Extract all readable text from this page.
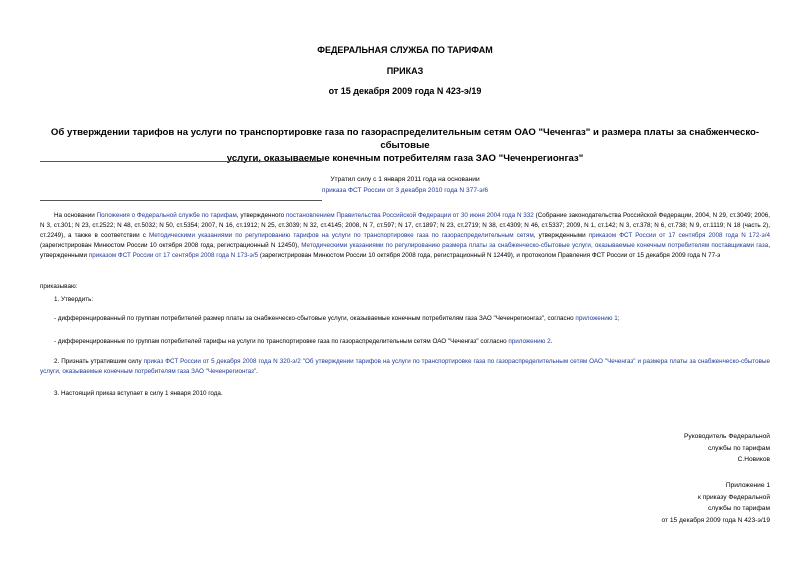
ФЕДЕРАЛЬНАЯ СЛУЖБА ПО ТАРИФАМ
ПРИКАЗ
от 15 декабря 2009 года N 423-э/19
Об утверждении тарифов на услуги по транспортировке газа по газораспределительным сетям ОАО "Чеченгаз" и размера платы за снабженческо-сбытовые
услуги, оказываемые конечным потребителям газа ЗАО "Чеченрегионгаз"
Утратил силу с 1 января 2011 года на основании
приказа ФСТ России от 3 декабря 2010 года N 377-э/6
На основании Положения о Федеральной службе по тарифам, утвержденного постановлением Правительства Российской Федерации от 30 июня 2004 года N 332 (Собрание законодательства Российской Федерации, 2004, N 29, ст.3049; 2006, N 3, ст.301; N 23, ст.2522; N 48, ст.5032; N 50, ст.5354; 2007, N 16, ст.1912; N 25, ст.3039; N 32, ст.4145; 2008, N 7, ст.597; N 17, ст.1897; N 23, ст.2719; N 38, ст.4309; N 46, ст.5337; 2009, N 1, ст.142; N 3, ст.378; N 6, ст.738; N 9, ст.1119; N 18 (часть 2), ст.2249), а также в соответствии с Методическими указаниями по регулированию тарифов на услуги по транспортировке газа по газораспределительным сетям, утвержденными приказом ФСТ России от 17 сентября 2008 года N 172-э/4 (зарегистрирован Минюстом России 10 октября 2008 года, регистрационный N 12450), Методическими указаниями по регулированию размера платы за снабженческо-сбытовые услуги, оказываемые конечным потребителям поставщиками газа, утвержденными приказом ФСТ России от 17 сентября 2008 года N 173-э/5 (зарегистрирован Минюстом России 10 октября 2008 года, регистрационный N 12449), и протоколом Правления ФСТ России от 15 декабря 2009 года N 77-э
приказываю:
1. Утвердить:
- дифференцированный по группам потребителей размер платы за снабженческо-сбытовые услуги, оказываемые конечным потребителям газа ЗАО "Чеченрегионгаз", согласно приложению 1;
- дифференцированные по группам потребителей тарифы на услуги по транспортировке газа по газораспределительным сетям ОАО "Чеченгаз" согласно приложению 2.
2. Признать утратившим силу приказ ФСТ России от 5 декабря 2008 года N 320-э/2 "Об утверждении тарифов на услуги по транспортировке газа по газораспределительным сетям ОАО "Чеченгаз" и размера платы за снабженческо-сбытовые услуги, оказываемые конечным потребителям газа ЗАО "Чеченрегионгаз".
3. Настоящий приказ вступает в силу 1 января 2010 года.
Руководитель Федеральной
службы по тарифам
С.Новиков
Приложение 1
к приказу Федеральной
службы по тарифам
от 15 декабря 2009 года N 423-э/19
